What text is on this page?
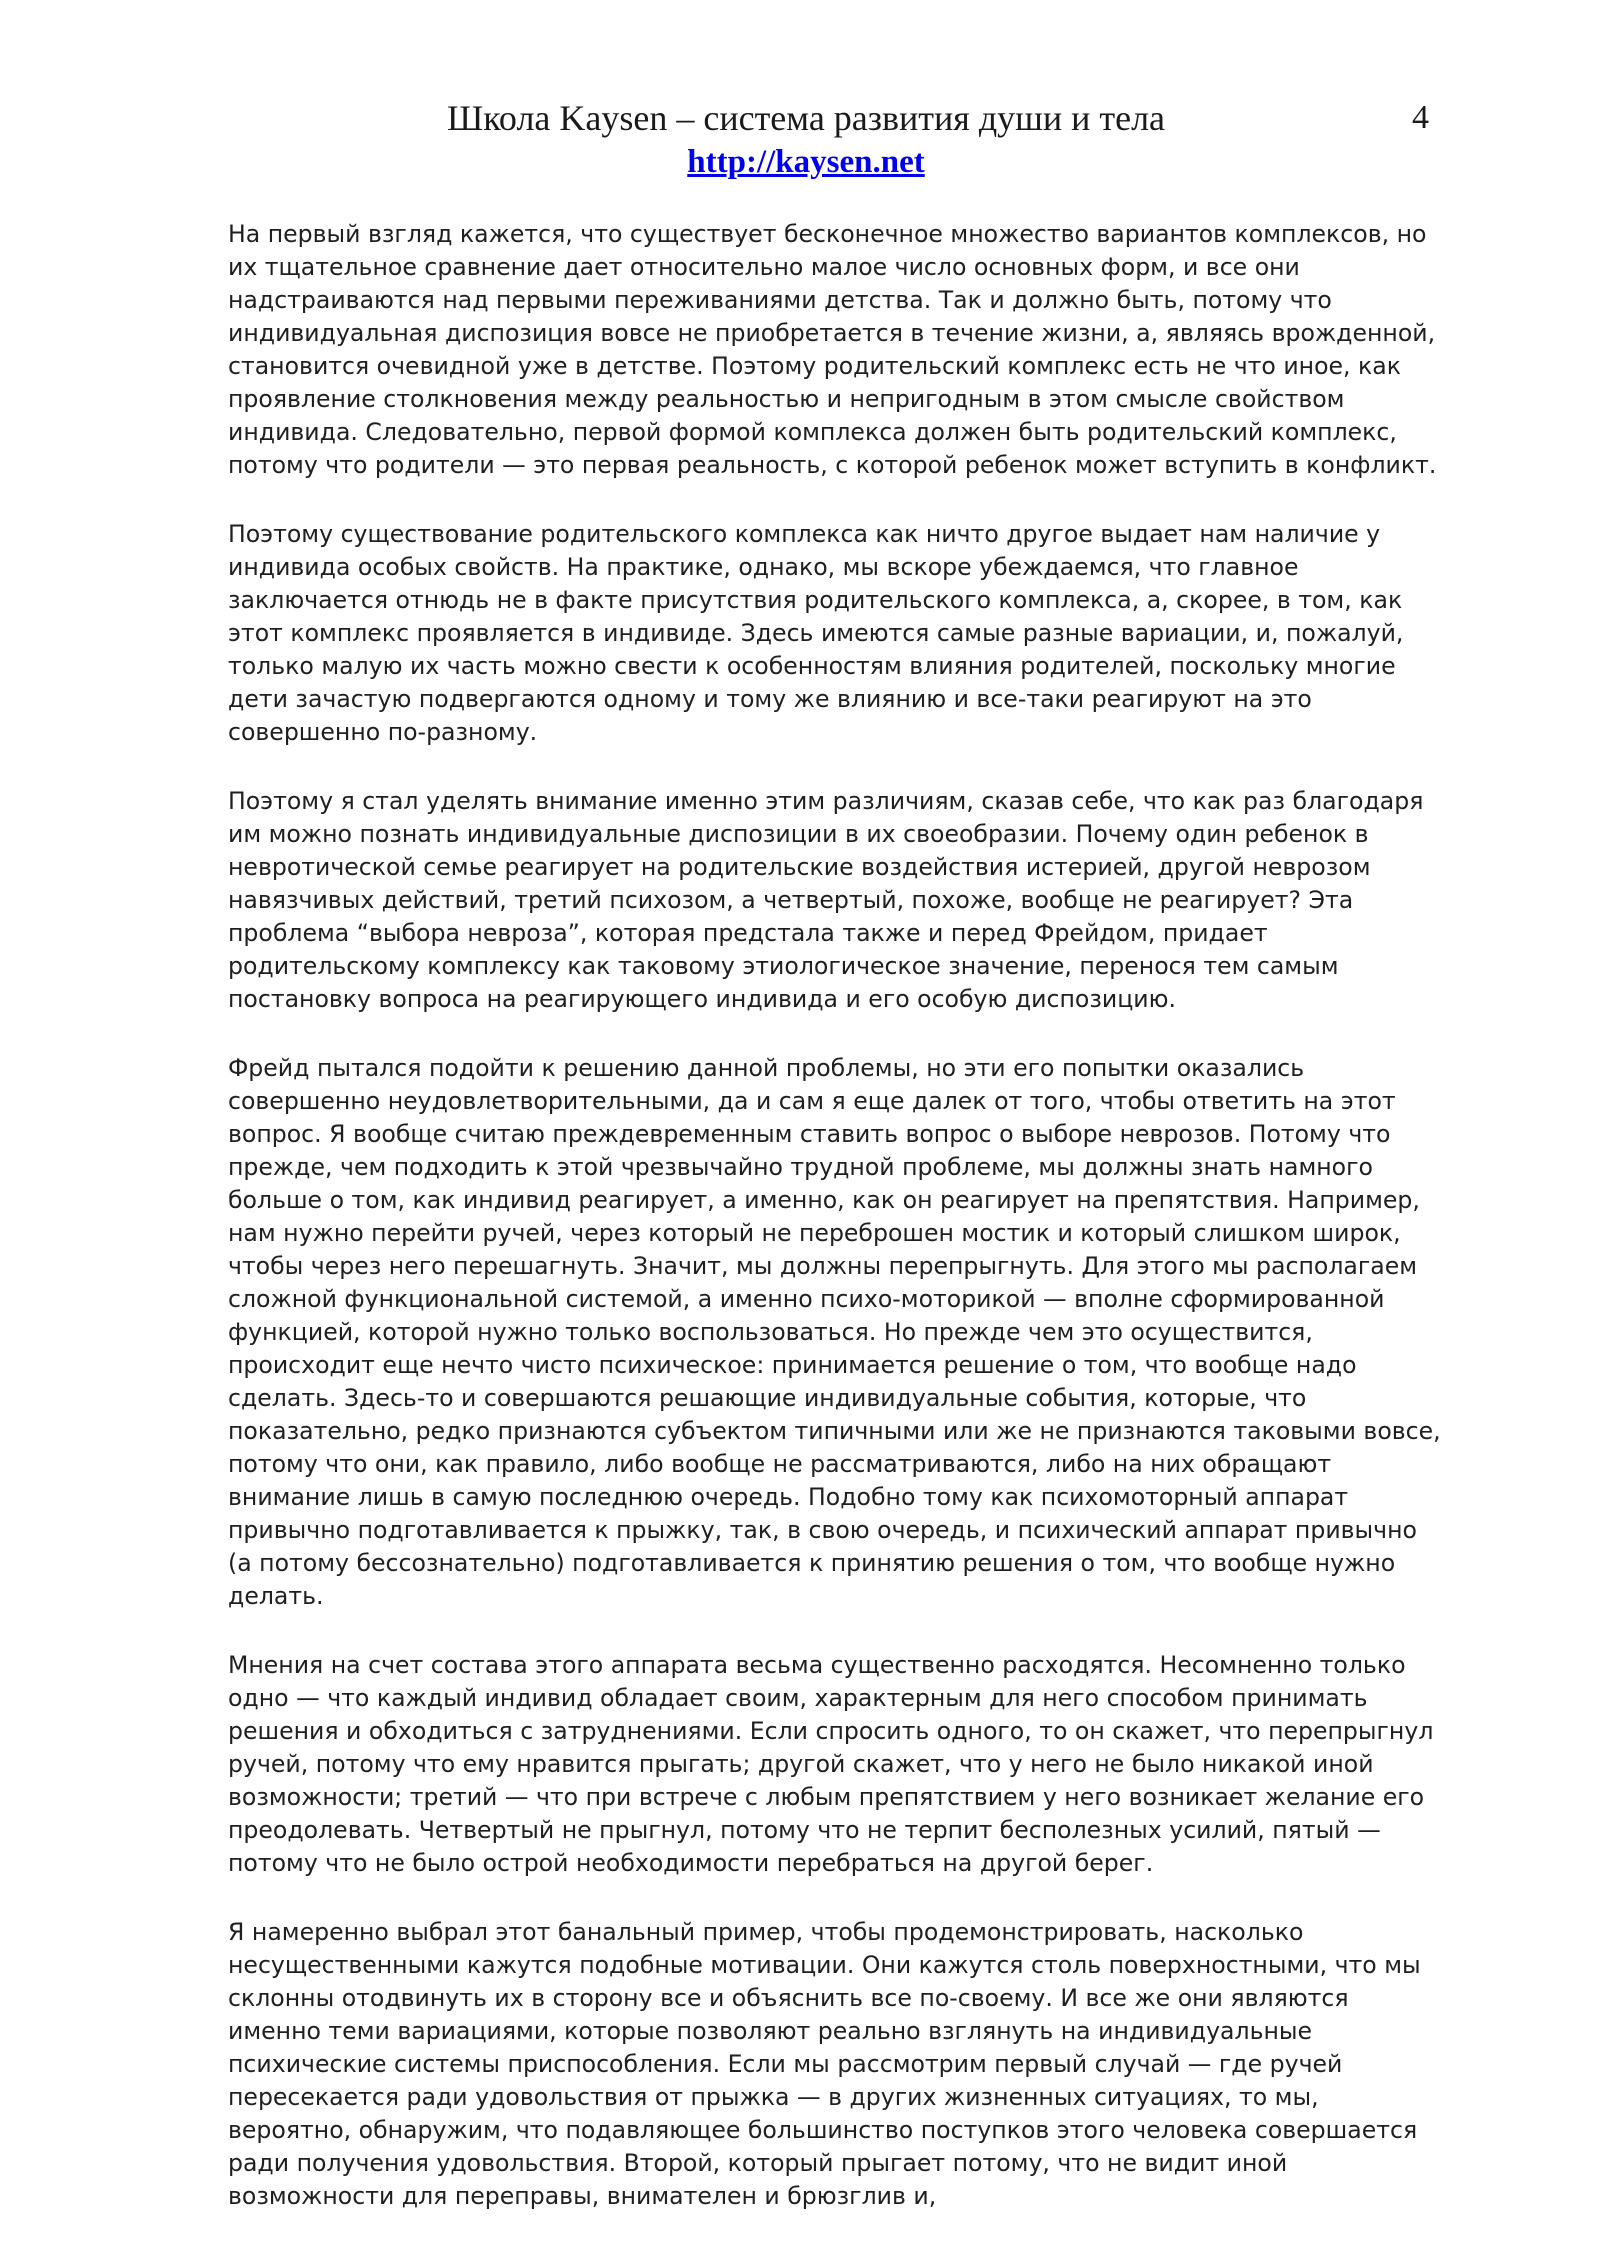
Школа Kaysen – система развития души и тела
http://kaysen.net
4

На первый взгляд кажется, что существует бесконечное множество вариантов комплексов, но их тщательное сравнение дает относительно малое число основных форм, и все они надстраиваются над первыми переживаниями детства. Так и должно быть, потому что индивидуальная диспозиция вовсе не приобретается в течение жизни, а, являясь врожденной, становится очевидной уже в детстве. Поэтому родительский комплекс есть не что иное, как проявление столкновения между реальностью и непригодным в этом смысле свойством индивида. Следовательно, первой формой комплекса должен быть родительский комплекс, потому что родители — это первая реальность, с которой ребенок может вступить в конфликт.

Поэтому существование родительского комплекса как ничто другое выдает нам наличие у индивида особых свойств. На практике, однако, мы вскоре убеждаемся, что главное заключается отнюдь не в факте присутствия родительского комплекса, а, скорее, в том, как этот комплекс проявляется в индивиде. Здесь имеются самые разные вариации, и, пожалуй, только малую их часть можно свести к особенностям влияния родителей, поскольку многие дети зачастую подвергаются одному и тому же влиянию и все-таки реагируют на это совершенно по-разному.

Поэтому я стал уделять внимание именно этим различиям, сказав себе, что как раз благодаря им можно познать индивидуальные диспозиции в их своеобразии. Почему один ребенок в невротической семье реагирует на родительские воздействия истерией, другой неврозом навязчивых действий, третий психозом, а четвертый, похоже, вообще не реагирует? Эта проблема “выбора невроза”, которая предстала также и перед Фрейдом, придает родительскому комплексу как таковому этиологическое значение, перенося тем самым постановку вопроса на реагирующего индивида и его особую диспозицию.

Фрейд пытался подойти к решению данной проблемы, но эти его попытки оказались совершенно неудовлетворительными, да и сам я еще далек от того, чтобы ответить на этот вопрос. Я вообще считаю преждевременным ставить вопрос о выборе неврозов. Потому что прежде, чем подходить к этой чрезвычайно трудной проблеме, мы должны знать намного больше о том, как индивид реагирует, а именно, как он реагирует на препятствия. Например, нам нужно перейти ручей, через который не переброшен мостик и который слишком широк, чтобы через него перешагнуть. Значит, мы должны перепрыгнуть. Для этого мы располагаем сложной функциональной системой, а именно психо-моторикой — вполне сформированной функцией, которой нужно только воспользоваться. Но прежде чем это осуществится, происходит еще нечто чисто психическое: принимается решение о том, что вообще надо сделать. Здесь-то и совершаются решающие индивидуальные события, которые, что показательно, редко признаются субъектом типичными или же не признаются таковыми вовсе, потому что они, как правило, либо вообще не рассматриваются, либо на них обращают внимание лишь в самую последнюю очередь. Подобно тому как психомоторный аппарат привычно подготавливается к прыжку, так, в свою очередь, и психический аппарат привычно (а потому бессознательно) подготавливается к принятию решения о том, что вообще нужно делать.

Мнения на счет состава этого аппарата весьма существенно расходятся. Несомненно только одно — что каждый индивид обладает своим, характерным для него способом принимать решения и обходиться с затруднениями. Если спросить одного, то он скажет, что перепрыгнул ручей, потому что ему нравится прыгать; другой скажет, что у него не было никакой иной возможности; третий — что при встрече с любым препятствием у него возникает желание его преодолевать. Четвертый не прыгнул, потому что не терпит бесполезных усилий, пятый — потому что не было острой необходимости перебраться на другой берег.

Я намеренно выбрал этот банальный пример, чтобы продемонстрировать, насколько несущественными кажутся подобные мотивации. Они кажутся столь поверхностными, что мы склонны отодвинуть их в сторону все и объяснить все по-своему. И все же они являются именно теми вариациями, которые позволяют реально взглянуть на индивидуальные психические системы приспособления. Если мы рассмотрим первый случай — где ручей пересекается ради удовольствия от прыжка — в других жизненных ситуациях, то мы, вероятно, обнаружим, что подавляющее большинство поступков этого человека совершается ради получения удовольствия. Второй, который прыгает потому, что не видит иной возможности для переправы, внимателен и брюзглив и,
